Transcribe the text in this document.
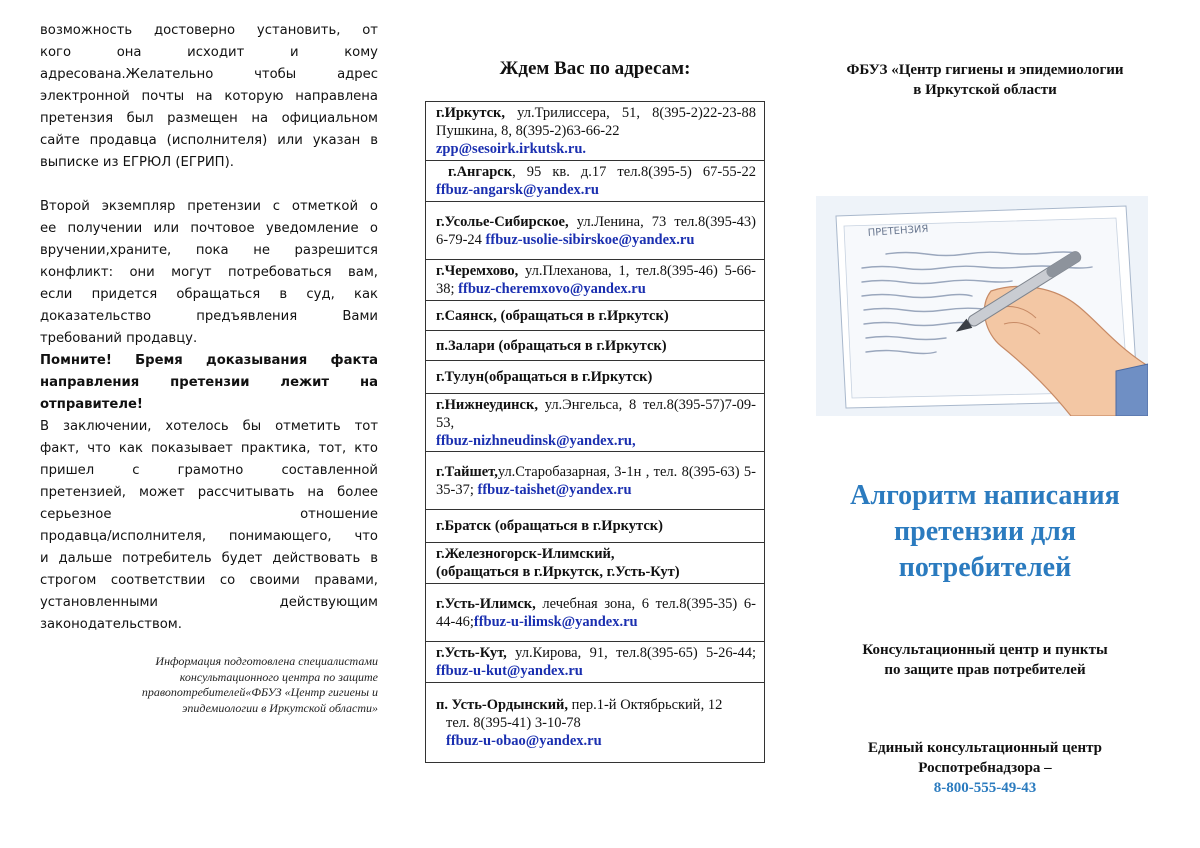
возможность достоверно установить, от

кого она исходит и кому

адресована.Желательно чтобы адрес

электронной почты на которую направлена

претензия был размещен на официальном

сайте продавца (исполнителя) или указан в

выписке из ЕГРЮЛ (ЕГРИП).

Второй экземпляр претензии с отметкой о

ее получении или почтовое уведомление о

вручении,храните, пока не разрешится

конфликт: они могут потребоваться вам,

если придется обращаться в суд, как

доказательство предъявления Вами

требований продавцу.

Помните! Бремя доказывания факта

направления претензии лежит на

отправителе!

В заключении, хотелось бы отметить тот

факт, что как показывает практика, тот, кто

пришел с грамотно составленной

претензией, может рассчитывать на более

серьезное отношение

продавца/исполнителя, понимающего, что

и дальше потребитель будет действовать в

строгом соответствии со своими правами,

установленными действующим

законодательством.

Информация подготовлена специалистами
консультационного центра по защите
правопотребителей«ФБУЗ «Центр гигиены и
эпидемиологии в Иркутской области»
Ждем Вас по адресам:
г.Иркутск, ул.Трилиссера, 51, 8(395-2)22-23-88 Пушкина, 8, 8(395-2)63-66-22
zpp@sesoirk.irkutsk.ru.
г.Ангарск, 95 кв. д.17 тел.8(395-5) 67-55-22 ffbuz-angarsk@yandex.ru
г.Усолье-Сибирское, ул.Ленина, 73 тел.8(395-43) 6-79-24 ffbuz-usolie-sibirskoe@yandex.ru
г.Черемхово, ул.Плеханова, 1, тел.8(395-46) 5-66-38; ffbuz-cheremxovo@yandex.ru
г.Саянск, (обращаться в г.Иркутск)
п.Залари (обращаться в г.Иркутск)
г.Тулун(обращаться в г.Иркутск)
г.Нижнеудинск, ул.Энгельса, 8 тел.8(395-57)7-09-53,
ffbuz-nizhneudinsk@yandex.ru,
г.Тайшет,ул.Старобазарная, 3-1н , тел. 8(395-63) 5-35-37; ffbuz-taishet@yandex.ru
г.Братск (обращаться в г.Иркутск)
г.Железногорск-Илимский,
(обращаться в г.Иркутск, г.Усть-Кут)
г.Усть-Илимск, лечебная зона, 6 тел.8(395-35) 6-44-46;ffbuz-u-ilimsk@yandex.ru
г.Усть-Кут, ул.Кирова, 91, тел.8(395-65) 5-26-44; ffbuz-u-kut@yandex.ru
п. Усть-Ордынский, пер.1-й Октябрьский, 12
тел. 8(395-41) 3-10-78
ffbuz-u-obao@yandex.ru
ФБУЗ «Центр гигиены и эпидемиологии
в Иркутской области
ПРЕТЕНЗИЯ
Алгоритм написания
претензии для
потребителей
Консультационный центр и пункты
по защите прав потребителей
Единый консультационный центр
Роспотребнадзора –
8-800-555-49-43
